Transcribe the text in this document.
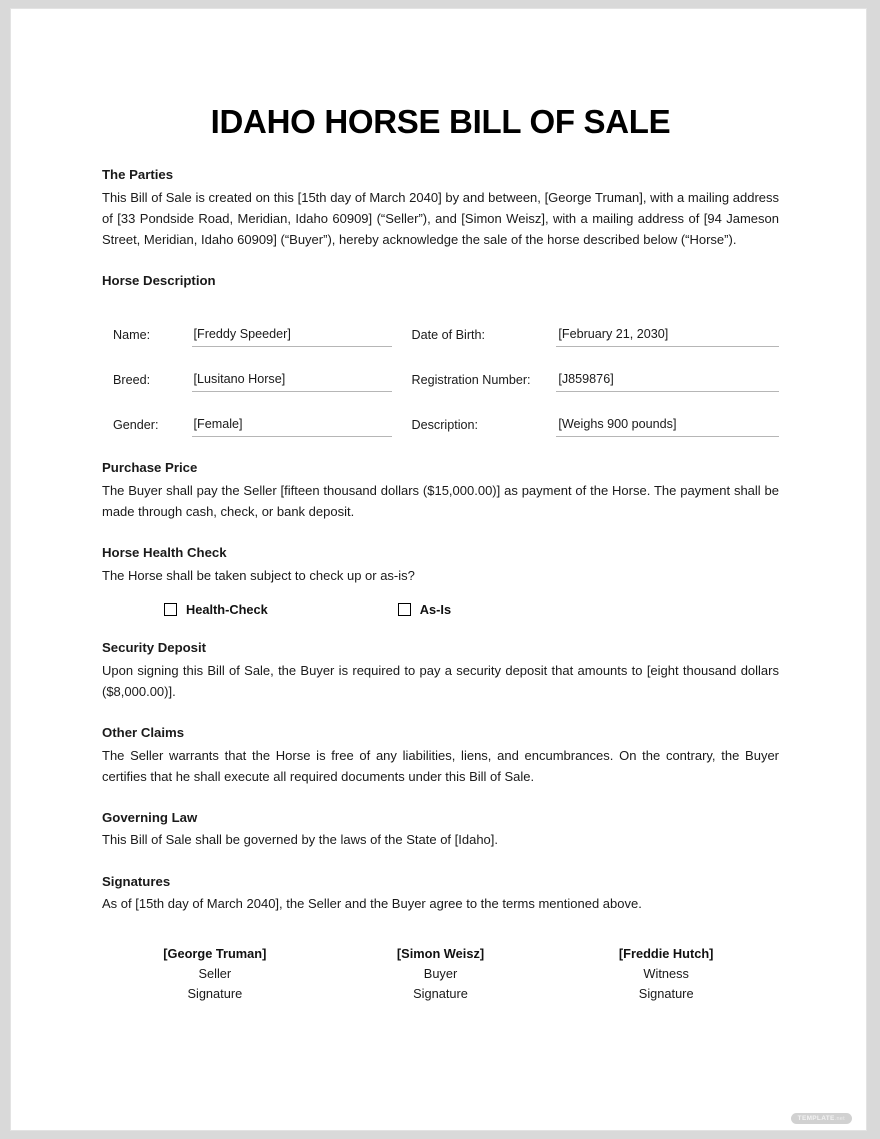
IDAHO HORSE BILL OF SALE
The Parties

This Bill of Sale is created on this [15th day of March 2040] by and between, [George Truman], with a mailing address of [33 Pondside Road, Meridian, Idaho 60909] (“Seller”), and [Simon Weisz], with a mailing address of [94 Jameson Street, Meridian, Idaho 60909] (“Buyer”), hereby acknowledge the sale of the horse described below (“Horse”).

Horse Description
Name:	[Freddy Speeder]		Date of Birth:	[February 21, 2030]
Breed:	[Lusitano Horse]		Registration Number:	[J859876]
Gender:	[Female]		Description:	[Weighs 900 pounds]
Purchase Price

The Buyer shall pay the Seller [fifteen thousand dollars ($15,000.00)] as payment of the Horse. The payment shall be made through cash, check, or bank deposit.

Horse Health Check

The Horse shall be taken subject to check up or as-is?

Health-Check	As-Is
Security Deposit

Upon signing this Bill of Sale, the Buyer is required to pay a security deposit that amounts to [eight thousand dollars ($8,000.00)].

Other Claims

The Seller warrants that the Horse is free of any liabilities, liens, and encumbrances. On the contrary, the Buyer certifies that he shall execute all required documents under this Bill of Sale.

Governing Law

This Bill of Sale shall be governed by the laws of the State of [Idaho].

Signatures

As of [15th day of March 2040], the Seller and the Buyer agree to the terms mentioned above.

[George Truman]
Seller
Signature
[Simon Weisz]
Buyer
Signature
[Freddie Hutch]
Witness
Signature
TEMPLATE.net
